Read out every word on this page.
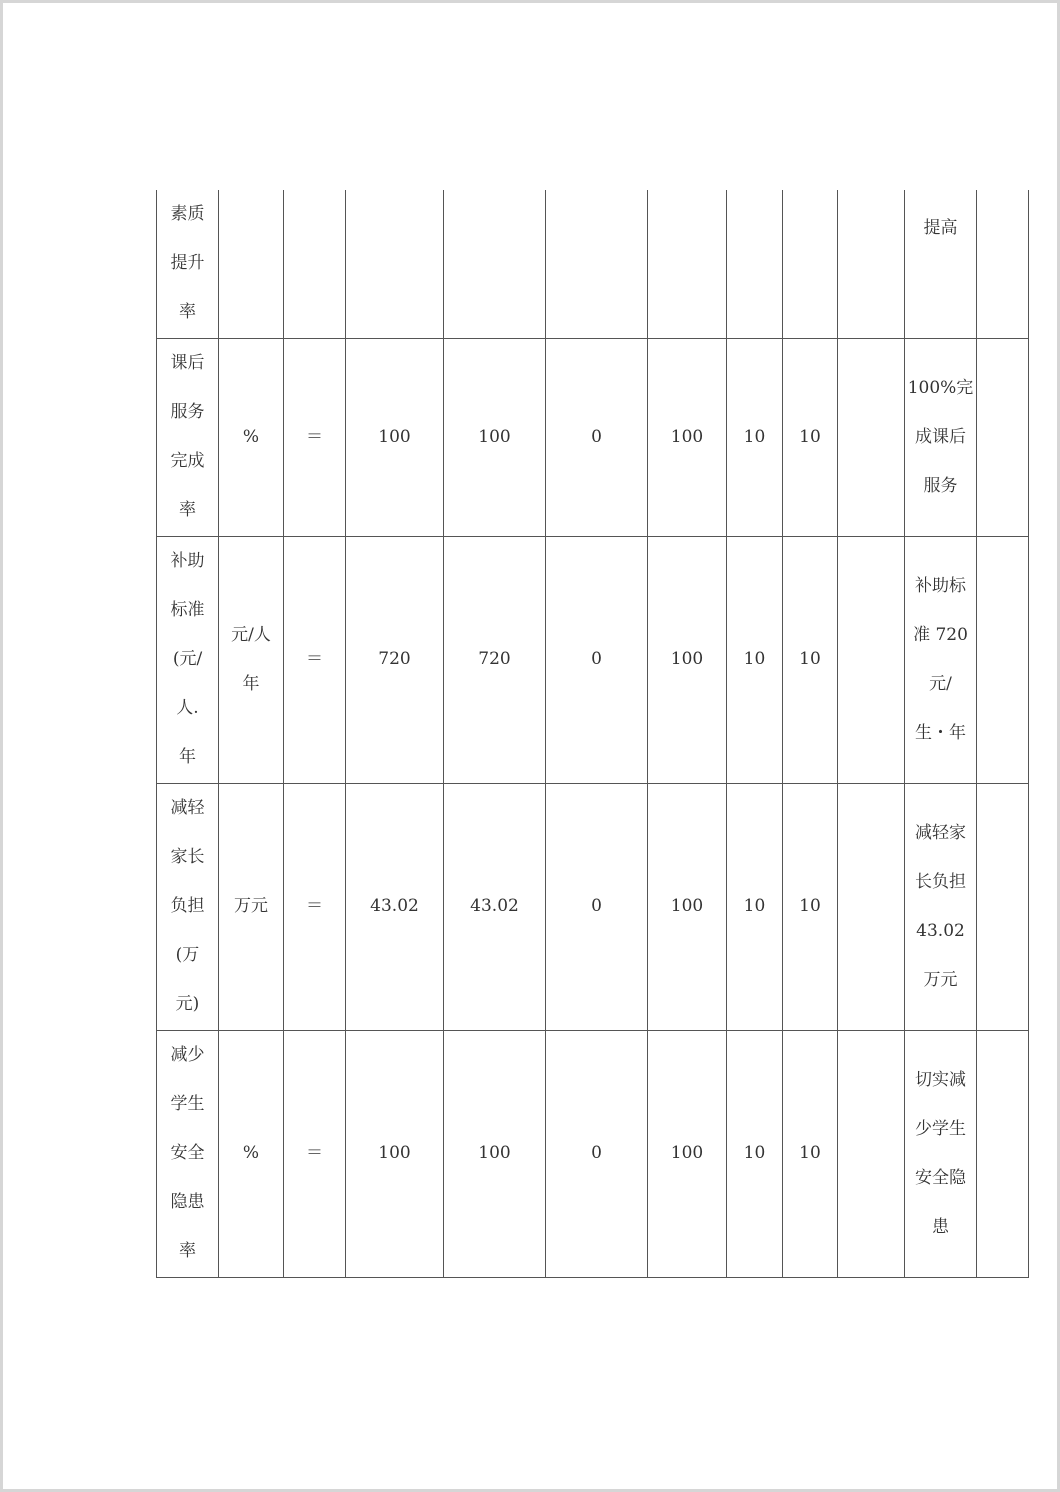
素质
提升
率										提高	

课后
服务
完成
率	%	＝	100	100	0	100	10	10		100%完
成课后
服务	

补助
标准
(元/
人.
年	元/人
年	＝	720	720	0	100	10	10		补助标
准 720
元/
生・年	

减轻
家长
负担
(万
元)	万元	＝	43.02	43.02	0	100	10	10		减轻家
长负担
43.02
万元	

减少
学生
安全
隐患
率	%	＝	100	100	0	100	10	10		切实减
少学生
安全隐
患	
